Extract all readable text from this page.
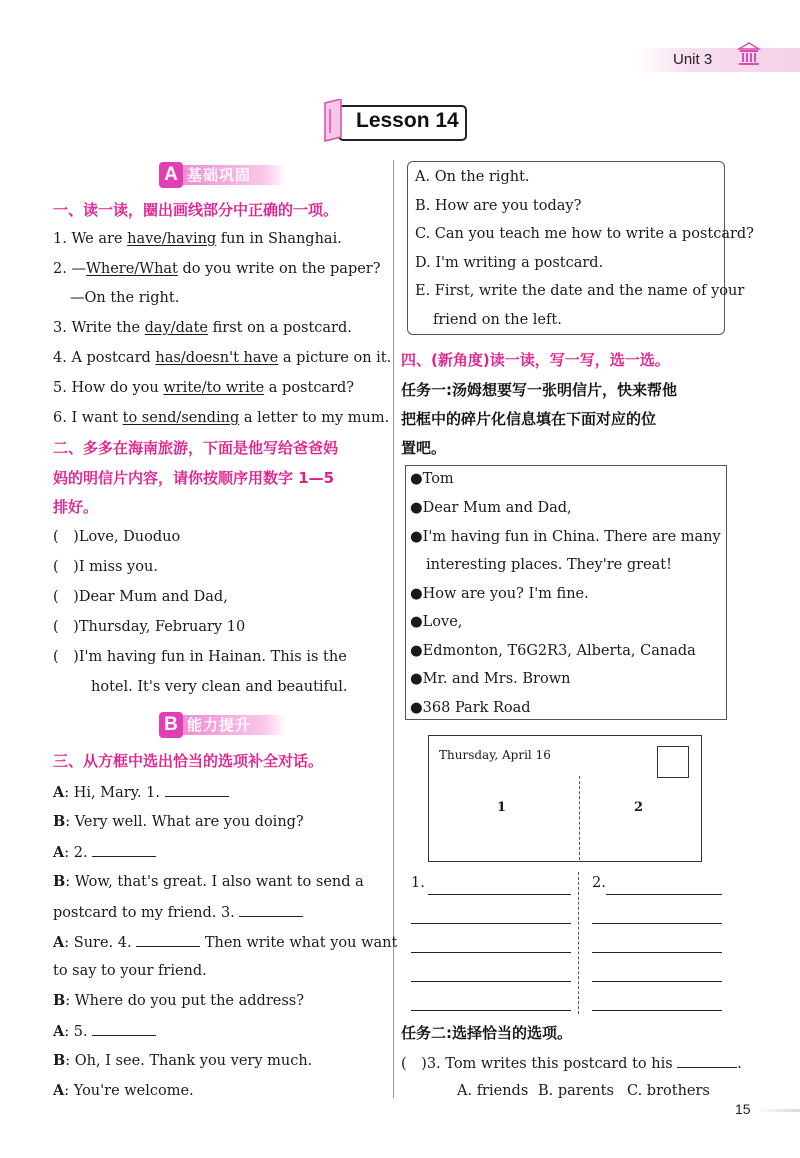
Unit 3
Lesson 14
A 基础巩固
一、读一读，圈出画线部分中正确的一项。
1. We are have/having fun in Shanghai.
2. —Where/What do you write on the paper?
—On the right.
3. Write the day/date first on a postcard.
4. A postcard has/doesn't have a picture on it.
5. How do you write/to write a postcard?
6. I want to send/sending a letter to my mum.
二、多多在海南旅游，下面是他写给爸爸妈
妈的明信片内容，请你按顺序用数字 1—5
排好。
(　)Love, Duoduo
(　)I miss you.
(　)Dear Mum and Dad,
(　)Thursday, February 10
(　)I'm having fun in Hainan. This is the
hotel. It's very clean and beautiful.
B 能力提升
三、从方框中选出恰当的选项补全对话。
A: Hi, Mary. 1.
B: Very well. What are you doing?
A: 2.
B: Wow, that's great. I also want to send a
postcard to my friend. 3.
A: Sure. 4.	Then write what you want
to say to your friend.
B: Where do you put the address?
A: 5.
B: Oh, I see. Thank you very much.
A: You're welcome.
A. On the right.
B. How are you today?
C. Can you teach me how to write a postcard?
D. I'm writing a postcard.
E. First, write the date and the name of your
friend on the left.
四、(新角度)读一读，写一写，选一选。
任务一:汤姆想要写一张明信片，快来帮他
把框中的碎片化信息填在下面对应的位
置吧。
●Tom
●Dear Mum and Dad,
●I'm having fun in China. There are many
interesting places. They're great!
●How are you? I'm fine.
●Love,
●Edmonton, T6G2R3, Alberta, Canada
●Mr. and Mrs. Brown
●368 Park Road
Thursday, April 16
1	2
1.	2.
任务二:选择恰当的选项。
(　)3. Tom writes this postcard to his	.
A. friends B. parents C. brothers
15
